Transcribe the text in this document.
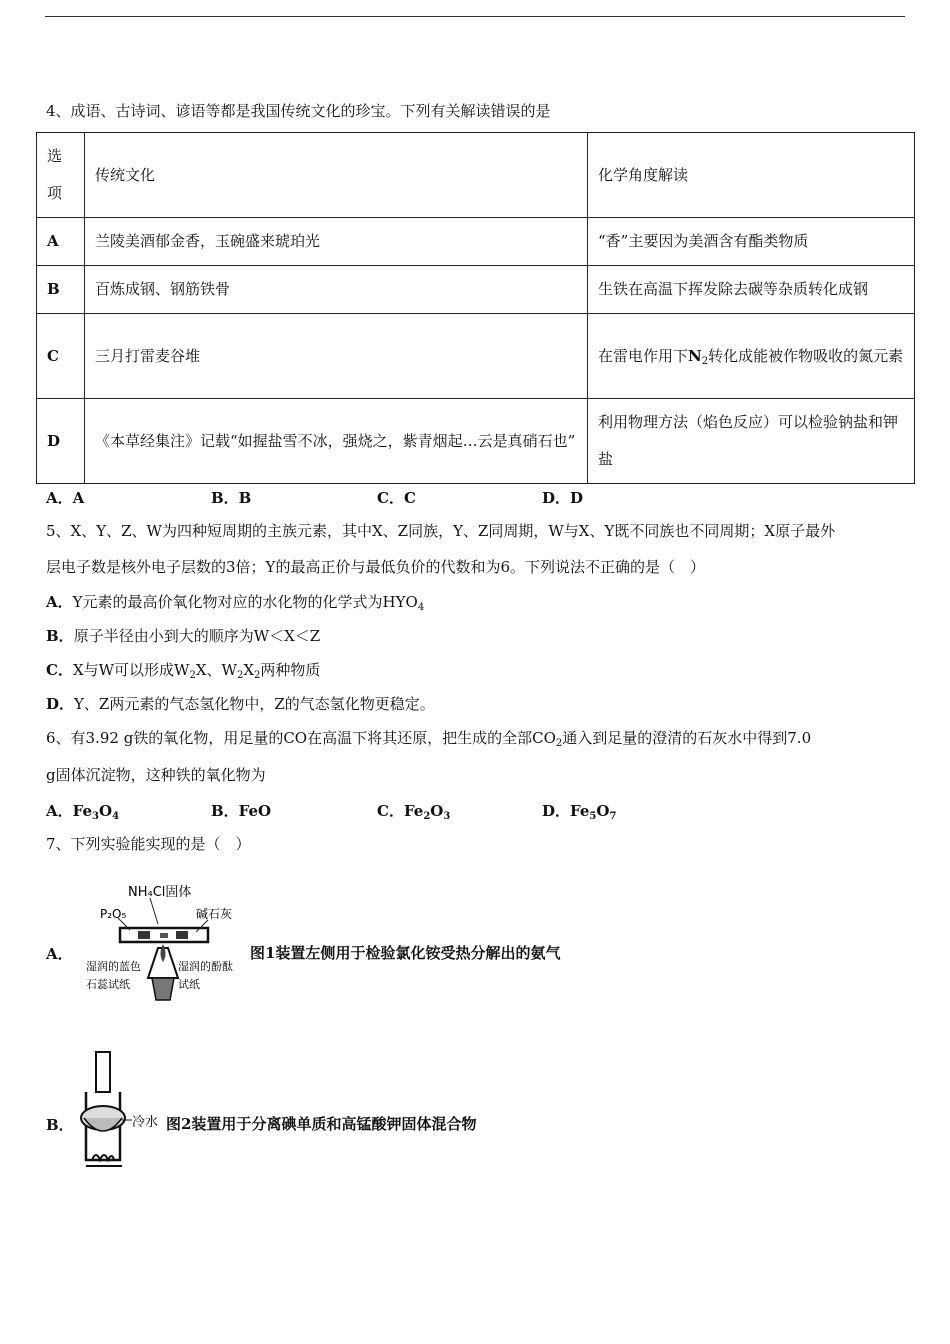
4、成语、古诗词、谚语等都是我国传统文化的珍宝。下列有关解读错误的是
选项	传统文化	化学角度解读
A	兰陵美酒郁金香，玉碗盛来琥珀光	“香”主要因为美酒含有酯类物质
B	百炼成钢、钢筋铁骨	生铁在高温下挥发除去碳等杂质转化成钢
C	三月打雷麦谷堆	在雷电作用下$N_2$转化成能被作物吸收的氮元素
D	《本草经集注》记载“如握盐雪不冰，强烧之，紫青烟起…云是真硝石也”	利用物理方法（焰色反应）可以检验钠盐和钾盐
A．A	B．B	C．C	D．D
5、X、Y、Z、W为四种短周期的主族元素，其中X、Z同族，Y、Z同周期，W与X、Y既不同族也不同周期；X原子最外
层电子数是核外电子层数的3倍；Y的最高正价与最低负价的代数和为6。下列说法不正确的是（　）
A．Y元素的最高价氧化物对应的水化物的化学式为$HYO_4$
B．原子半径由小到大的顺序为W＜X＜Z
C．X与W可以形成$W_2X$、$W_2X_2$两种物质
D．Y、Z两元素的气态氢化物中，Z的气态氢化物更稳定。
6、有3.92 g铁的氧化物，用足量的CO在高温下将其还原，把生成的全部$CO_2$通入到足量的澄清的石灰水中得到7.0
g固体沉淀物，这种铁的氧化物为
A．$Fe_3O_4$	B．FeO	C．$Fe_2O_3$	D．$Fe_5O_7$
7、下列实验能实现的是（　）
A．
NH₄Cl固体
P₂O₅	碱石灰
湿润的蓝色
石蕊试纸
湿润的酚酞
试纸
图1装置左侧用于检验氯化铵受热分解出的氨气
B．	冷水 图2装置用于分离碘单质和高锰酸钾固体混合物
